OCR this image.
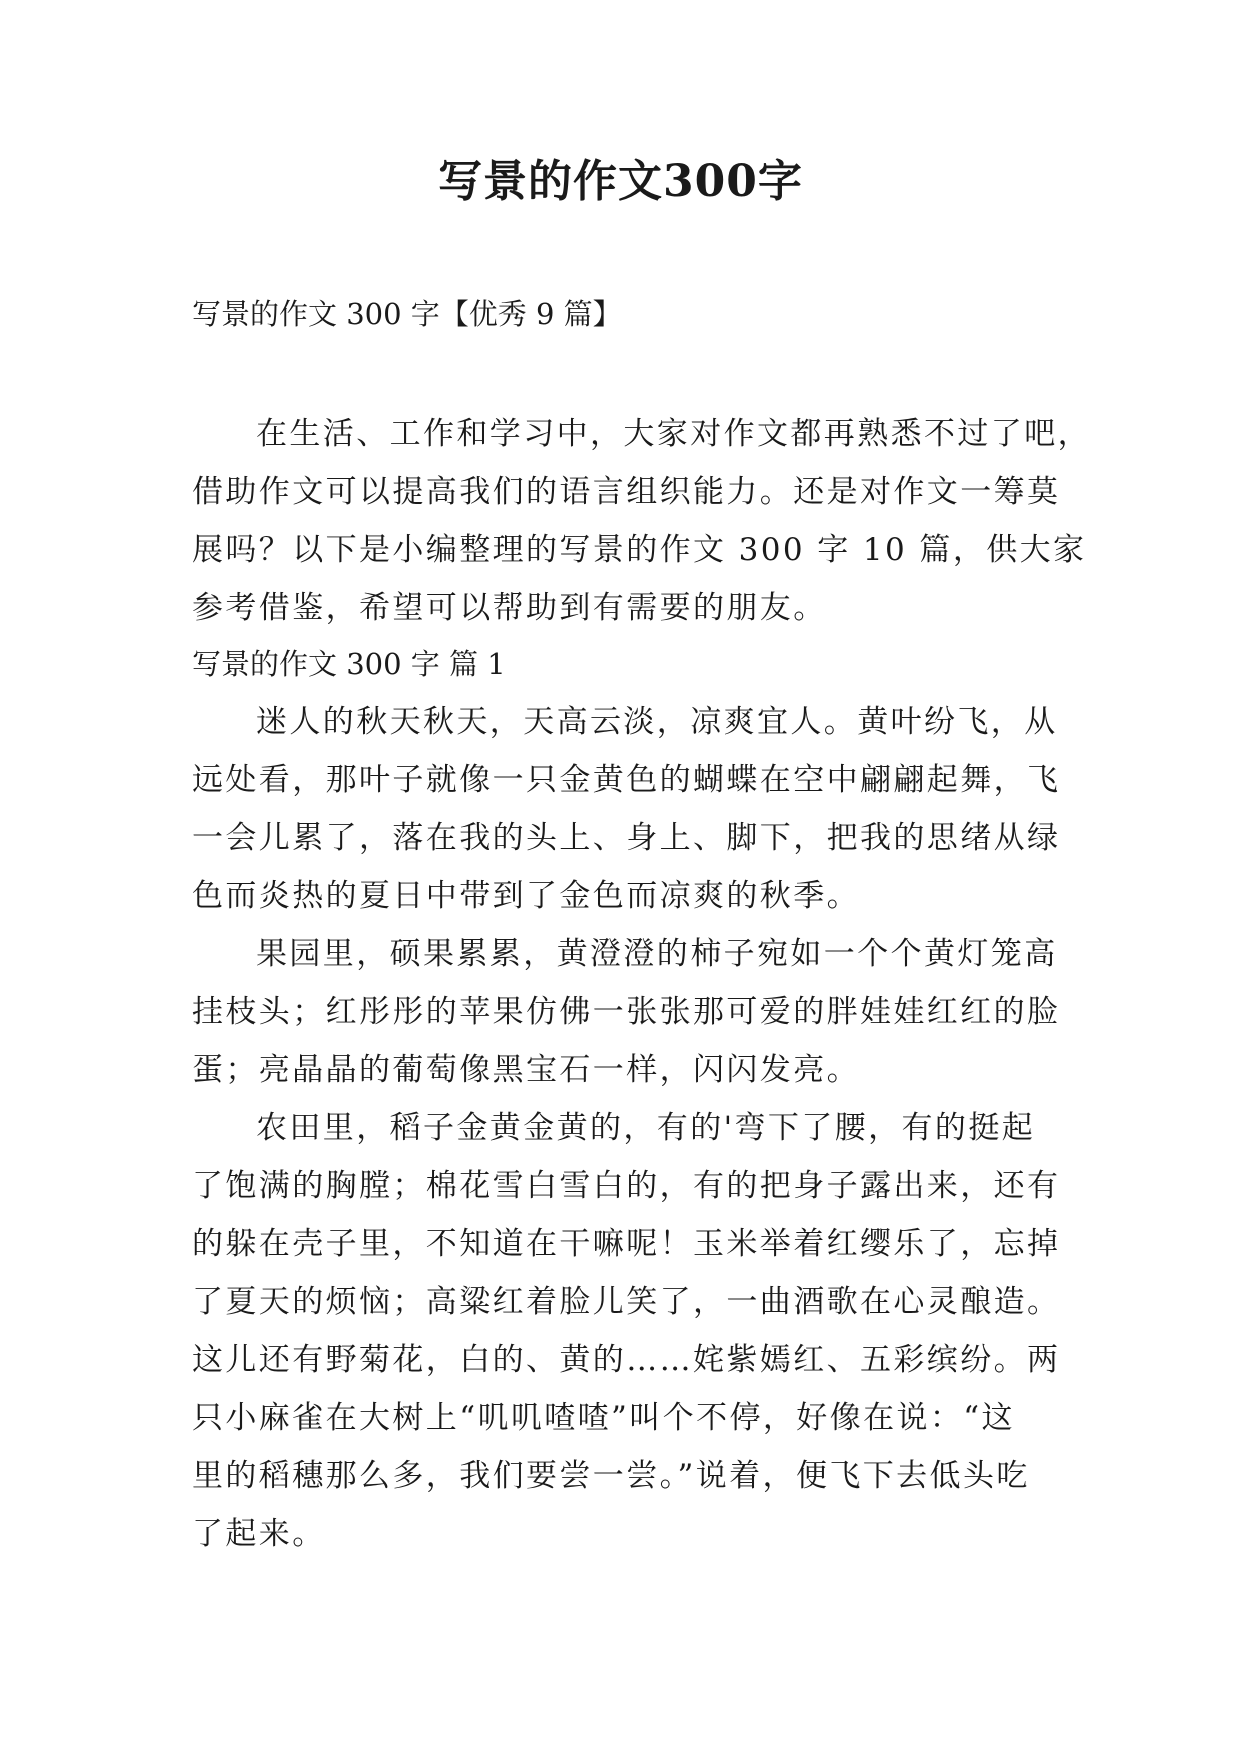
写景的作文300字
写景的作文 300 字【优秀 9 篇】
在生活、工作和学习中，大家对作文都再熟悉不过了吧，
借助作文可以提高我们的语言组织能力。还是对作文一筹莫
展吗？以下是小编整理的写景的作文 300 字 10 篇，供大家
参考借鉴，希望可以帮助到有需要的朋友。
写景的作文 300 字 篇 1
迷人的秋天秋天，天高云淡，凉爽宜人。黄叶纷飞，从
远处看，那叶子就像一只金黄色的蝴蝶在空中翩翩起舞，飞
一会儿累了，落在我的头上、身上、脚下，把我的思绪从绿
色而炎热的夏日中带到了金色而凉爽的秋季。
果园里，硕果累累，黄澄澄的柿子宛如一个个黄灯笼高
挂枝头；红彤彤的苹果仿佛一张张那可爱的胖娃娃红红的脸
蛋；亮晶晶的葡萄像黑宝石一样，闪闪发亮。
农田里，稻子金黄金黄的，有的'弯下了腰，有的挺起
了饱满的胸膛；棉花雪白雪白的，有的把身子露出来，还有
的躲在壳子里，不知道在干嘛呢！玉米举着红缨乐了，忘掉
了夏天的烦恼；高粱红着脸儿笑了，一曲酒歌在心灵酿造。
这儿还有野菊花，白的、黄的……姹紫嫣红、五彩缤纷。两
只小麻雀在大树上“叽叽喳喳”叫个不停，好像在说：“这
里的稻穗那么多，我们要尝一尝。”说着，便飞下去低头吃
了起来。
